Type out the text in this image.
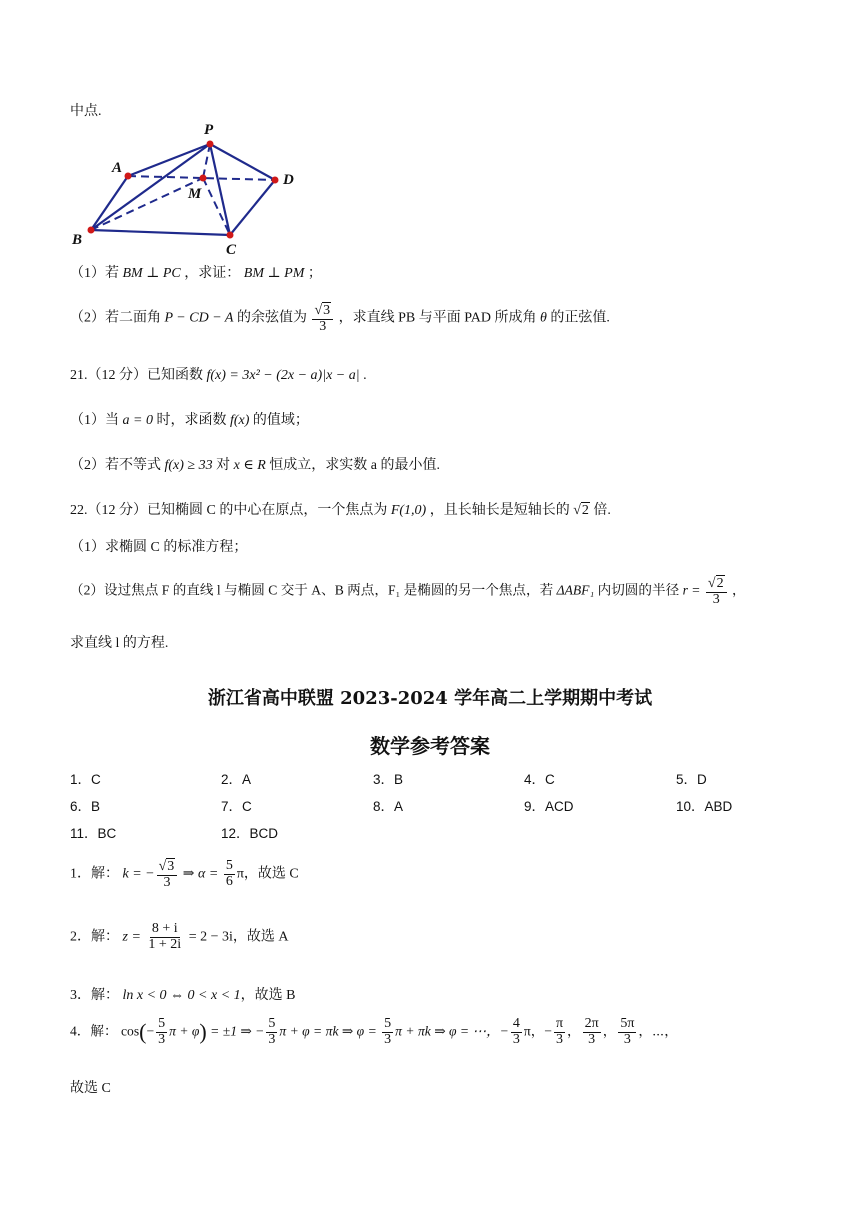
中点.
P
A
D
M
B
C
（1）若 BM ⊥ PC ，求证： BM ⊥ PM ；
（2）若二面角 P − CD − A 的余弦值为 $\frac{√3}{3}$ ，求直线 PB 与平面 PAD 所成角 θ 的正弦值.
21.（12 分）已知函数 f(x) = 3x² − (2x − a)|x − a| .
（1）当 a = 0 时，求函数 f(x) 的值域；
（2）若不等式 f(x) ≥ 33 对 x ∈ R 恒成立，求实数 a 的最小值.
22.（12 分）已知椭圆 C 的中心在原点，一个焦点为 F(1,0) ，且长轴长是短轴长的 √2 倍.
（1）求椭圆 C 的标准方程；
（2）设过焦点 F 的直线 l 与椭圆 C 交于 A、B 两点，F₁ 是椭圆的另一个焦点，若 ΔABF₁ 内切圆的半径 $r = \frac{√2}{3}$ ，
求直线 l 的方程.
浙江省高中联盟 2023-2024 学年高二上学期期中考试
数学参考答案
1．C	2．A	3．B	4．C	5．D
6．B	7．C	8．A	9．ACD	10．ABD
11．BC	12．BCD
1．解： k = − $\frac{√3}{3}$ ⇒ $\alpha = \frac{5}{6}$ π，故选 C
2．解： $z = \frac{8 + i}{1 + 2i} = 2 - 3i$，故选 A
3．解： ln x < 0 ⇔ 0 < x < 1，故选 B
4．解： $\cos(- \frac{5}{3}$ π + φ) = ±1 ⇒ − $\frac{5}{3}$ π + φ = πk ⇒ $\varphi = \frac{5}{3}$ π + πk ⇒ φ = ⋯，− $\frac{4}{3}$ π，− $\frac{\pi}{3}$ ， $\frac{2\pi}{3}$ ， $\frac{5\pi}{3}$ ，⋯，
故选 C
